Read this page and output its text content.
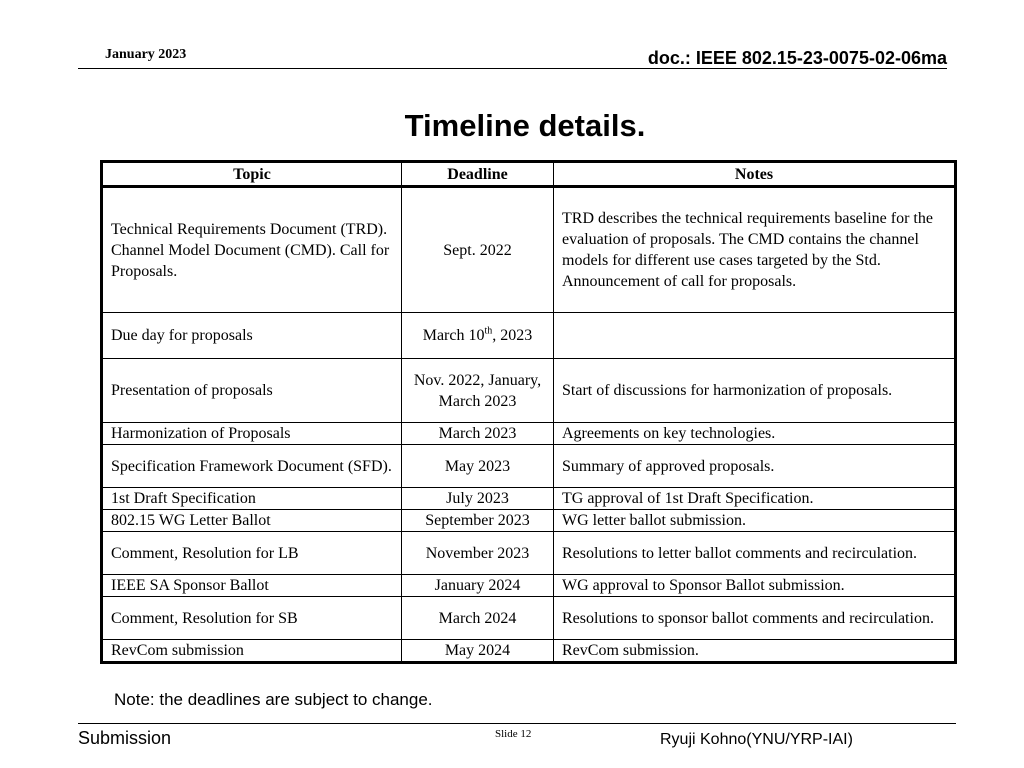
January 2023	doc.: IEEE 802.15-23-0075-02-06ma
Timeline details.
Topic	Deadline	Notes
Technical Requirements Document (TRD). Channel Model Document (CMD). Call for Proposals.	Sept. 2022	TRD describes the technical requirements baseline for the evaluation of proposals. The CMD contains the channel models for different use cases targeted by the Std. Announcement of call for proposals.
Due day for proposals	March 10th, 2023	
Presentation of proposals	Nov. 2022, January, March 2023	Start of discussions for harmonization of proposals.
Harmonization of Proposals	March 2023	Agreements on key technologies.
Specification Framework Document (SFD).	May 2023	Summary of approved proposals.
1st Draft Specification	July 2023	TG approval of 1st Draft Specification.
802.15 WG Letter Ballot	September 2023	WG letter ballot submission.
Comment, Resolution for LB	November 2023	Resolutions to letter ballot comments and recirculation.
IEEE SA Sponsor Ballot	January 2024	WG approval to Sponsor Ballot submission.
Comment, Resolution for SB	March 2024	Resolutions to sponsor ballot comments and recirculation.
RevCom submission	May 2024	RevCom submission.
Note: the deadlines are subject to change.
Submission	Slide 12	Ryuji Kohno(YNU/YRP-IAI)
